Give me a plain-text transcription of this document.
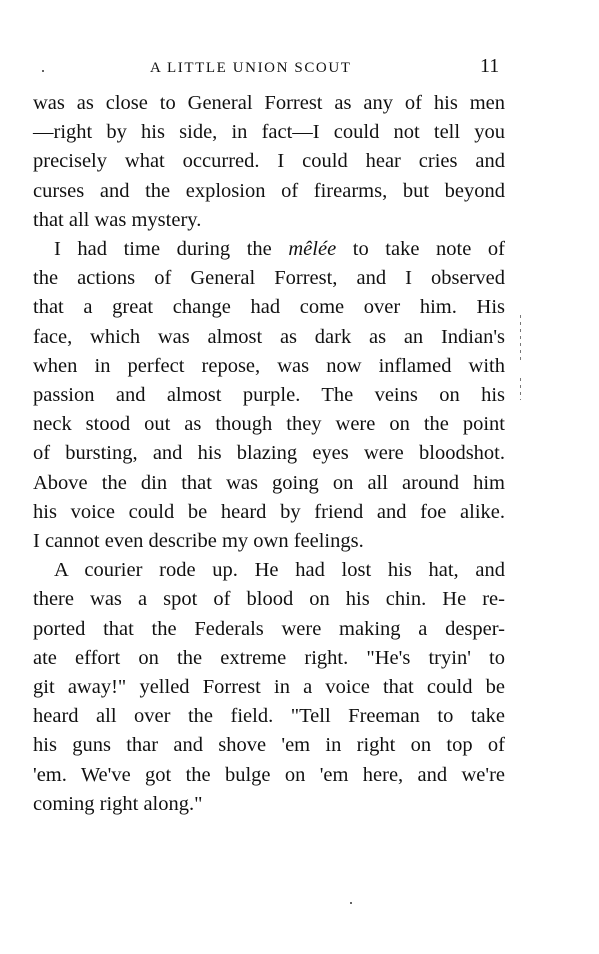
A LITTLE UNION SCOUT	11
was as close to General Forrest as any of his men
—right by his side, in fact—I could not tell you
precisely what occurred. I could hear cries and
curses and the explosion of firearms, but beyond
that all was mystery.
I had time during the mêlée to take note of
the actions of General Forrest, and I observed
that a great change had come over him. His
face, which was almost as dark as an Indian's
when in perfect repose, was now inflamed with
passion and almost purple. The veins on his
neck stood out as though they were on the point
of bursting, and his blazing eyes were bloodshot.
Above the din that was going on all around him
his voice could be heard by friend and foe alike.
I cannot even describe my own feelings.
A courier rode up. He had lost his hat, and
there was a spot of blood on his chin. He re-
ported that the Federals were making a desper-
ate effort on the extreme right. "He's tryin' to
git away!" yelled Forrest in a voice that could be
heard all over the field. "Tell Freeman to take
his guns thar and shove 'em in right on top of
'em. We've got the bulge on 'em here, and we're
coming right along."
